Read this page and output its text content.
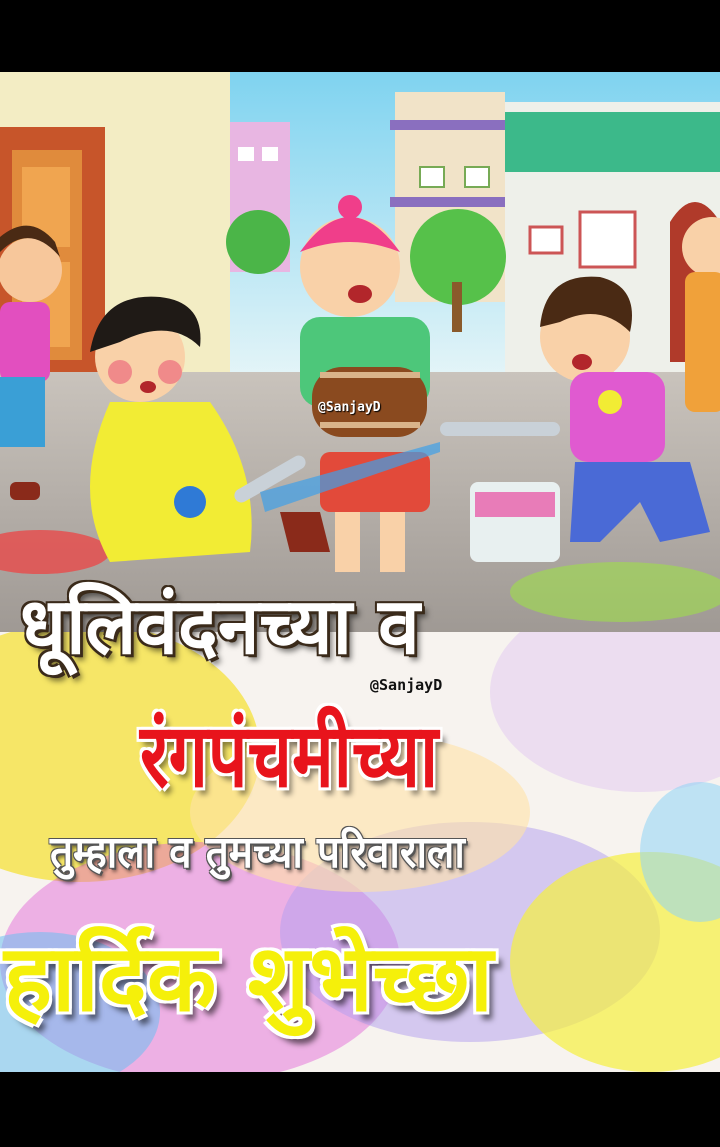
धूलिवंदनच्या व
@SanjayD
रंगपंचमीच्या
तुम्हाला व तुमच्या परिवाराला
हार्दिक शुभेच्छा
@SanjayD
